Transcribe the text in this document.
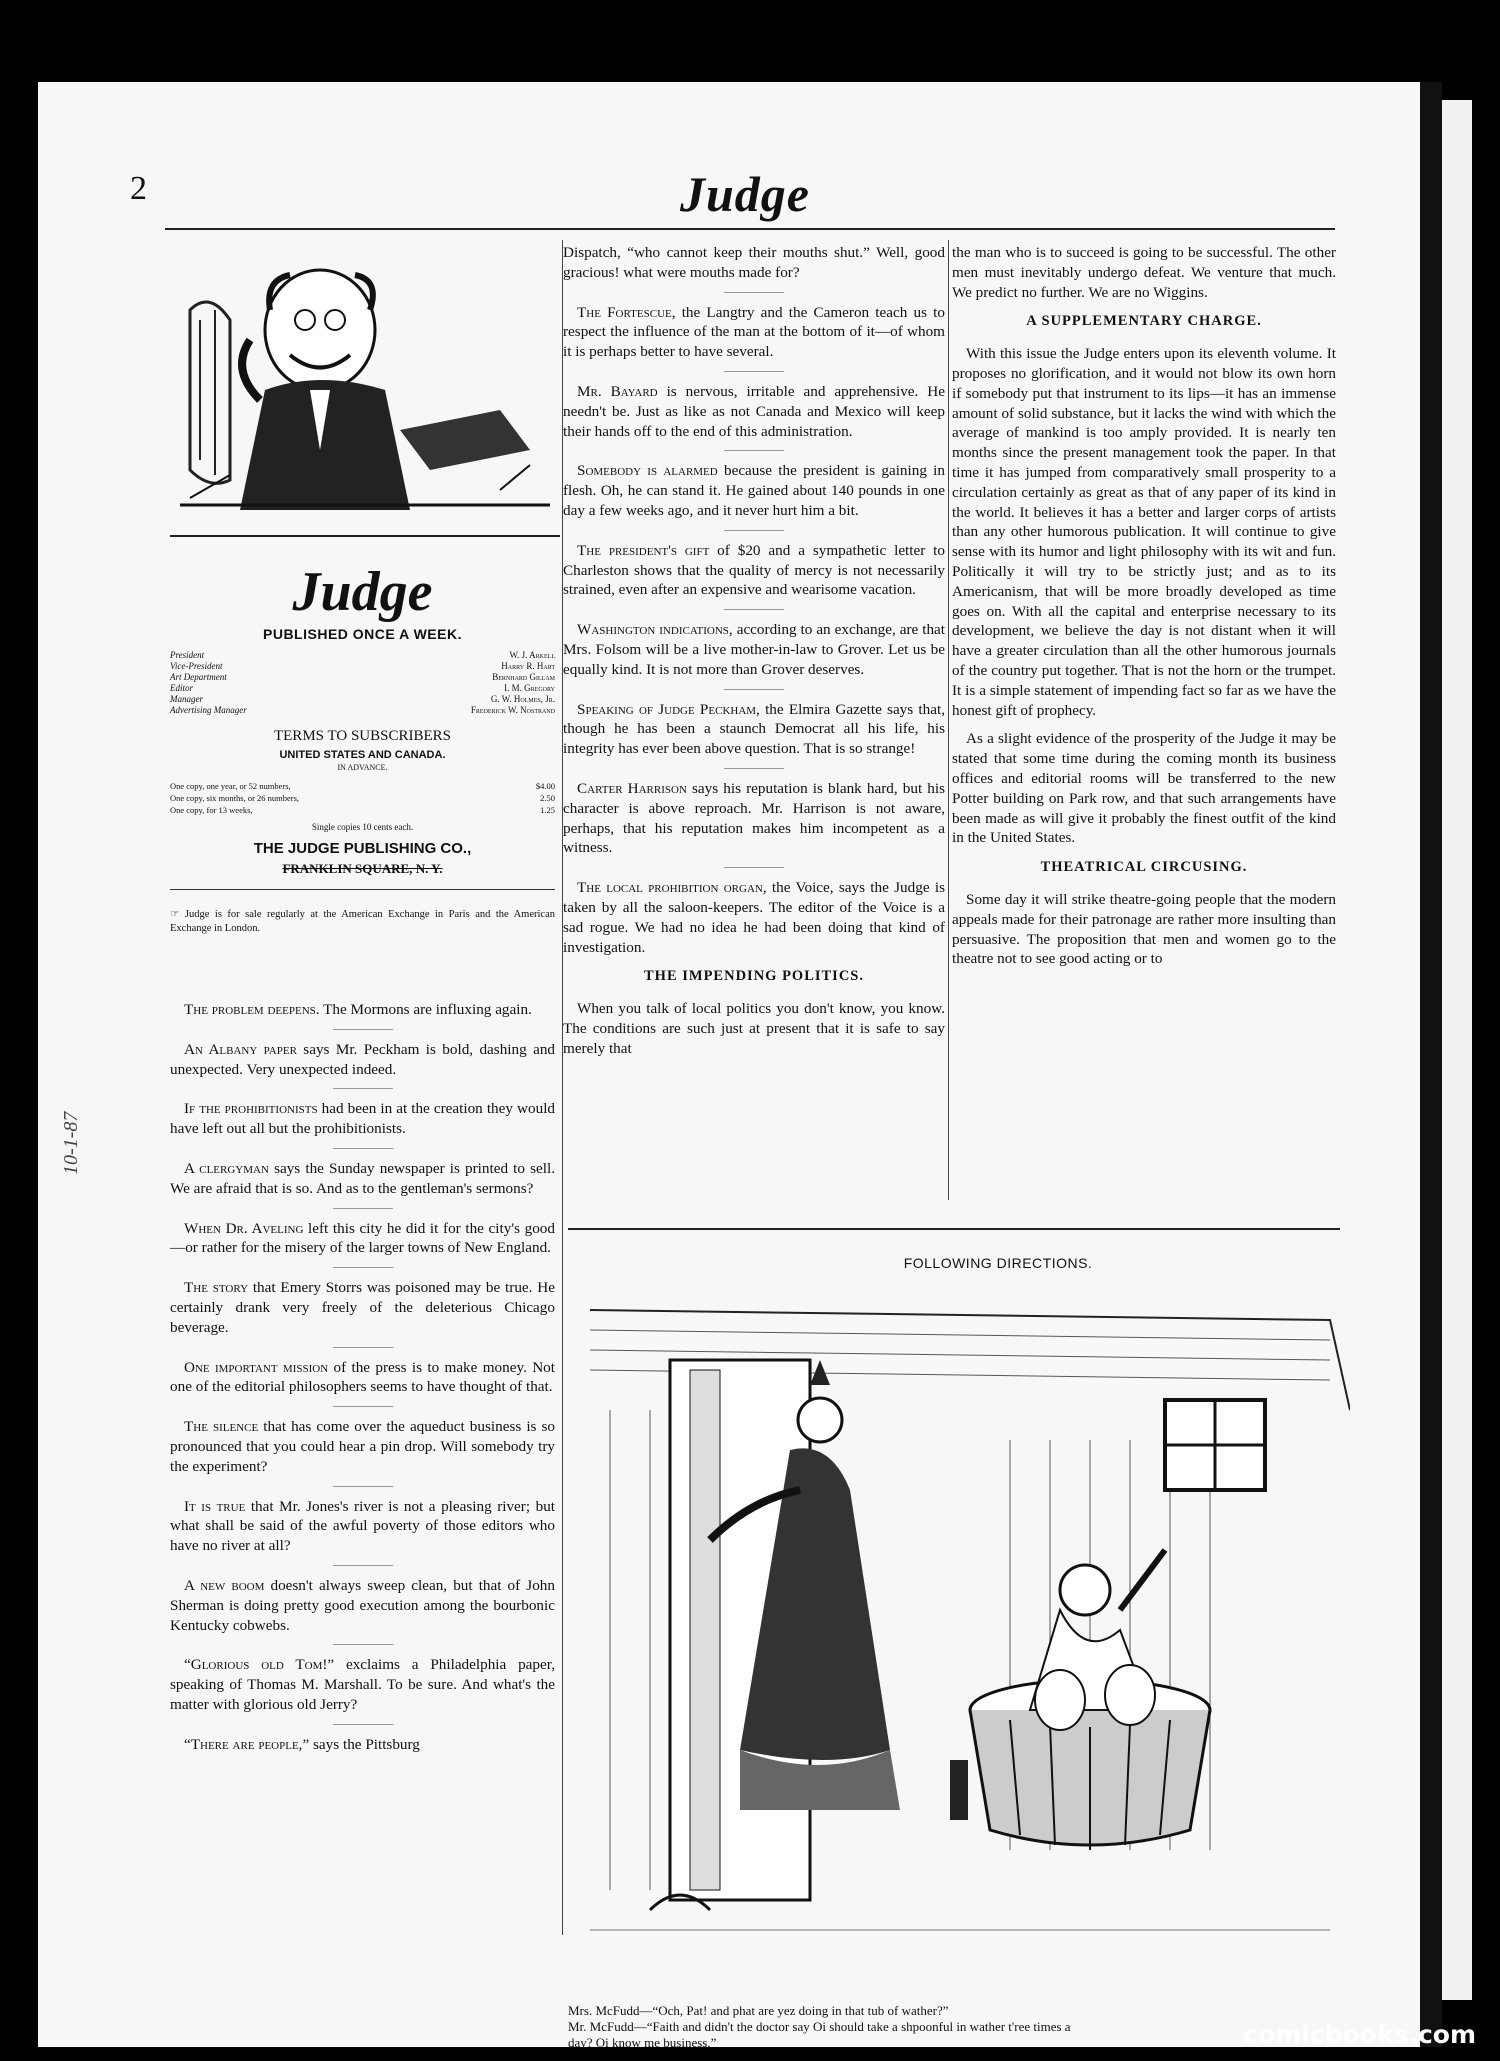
2	Judge
Judge
PUBLISHED ONCE A WEEK.
President	W. J. Arkell
Vice-President	Harry R. Hart
Art Department	Bernhard Gillam
Editor	I. M. Gregory
Manager	G. W. Holmes, Jr.
Advertising Manager	Frederick W. Nostrand
TERMS TO SUBSCRIBERS
UNITED STATES AND CANADA.
IN ADVANCE.
One copy, one year, or 52 numbers,	$4.00
One copy, six months, or 26 numbers,	2.50
One copy, for 13 weeks,	1.25
Single copies 10 cents each.
THE JUDGE PUBLISHING CO.,
FRANKLIN SQUARE, N. Y.
☞ Judge is for sale regularly at the American Exchange in Paris and the American Exchange in London.

The problem deepens. The Mormons are influxing again.

An Albany paper says Mr. Peckham is bold, dashing and unexpected. Very unexpected indeed.

If the prohibitionists had been in at the creation they would have left out all but the prohibitionists.

A clergyman says the Sunday newspaper is printed to sell. We are afraid that is so. And as to the gentleman's sermons?

When Dr. Aveling left this city he did it for the city's good—or rather for the misery of the larger towns of New England.

The story that Emery Storrs was poisoned may be true. He certainly drank very freely of the deleterious Chicago beverage.

One important mission of the press is to make money. Not one of the editorial philosophers seems to have thought of that.

The silence that has come over the aqueduct business is so pronounced that you could hear a pin drop. Will somebody try the experiment?

It is true that Mr. Jones's river is not a pleasing river; but what shall be said of the awful poverty of those editors who have no river at all?

A new boom doesn't always sweep clean, but that of John Sherman is doing pretty good execution among the bourbonic Kentucky cobwebs.

“Glorious old Tom!” exclaims a Philadelphia paper, speaking of Thomas M. Marshall. To be sure. And what's the matter with glorious old Jerry?

“There are people,” says the Pittsburg

Dispatch, “who cannot keep their mouths shut.” Well, good gracious! what were mouths made for?

The Fortescue, the Langtry and the Cameron teach us to respect the influence of the man at the bottom of it—of whom it is perhaps better to have several.

Mr. Bayard is nervous, irritable and apprehensive. He needn't be. Just as like as not Canada and Mexico will keep their hands off to the end of this administration.

Somebody is alarmed because the president is gaining in flesh. Oh, he can stand it. He gained about 140 pounds in one day a few weeks ago, and it never hurt him a bit.

The president's gift of $20 and a sympathetic letter to Charleston shows that the quality of mercy is not necessarily strained, even after an expensive and wearisome vacation.

Washington indications, according to an exchange, are that Mrs. Folsom will be a live mother-in-law to Grover. Let us be equally kind. It is not more than Grover deserves.

Speaking of Judge Peckham, the Elmira Gazette says that, though he has been a staunch Democrat all his life, his integrity has ever been above question. That is so strange!

Carter Harrison says his reputation is blank hard, but his character is above reproach. Mr. Harrison is not aware, perhaps, that his reputation makes him incompetent as a witness.

The local prohibition organ, the Voice, says the Judge is taken by all the saloon-keepers. The editor of the Voice is a sad rogue. We had no idea he had been doing that kind of investigation.

THE IMPENDING POLITICS.

When you talk of local politics you don't know, you know. The conditions are such just at present that it is safe to say merely that

the man who is to succeed is going to be successful. The other men must inevitably undergo defeat. We venture that much. We predict no further. We are no Wiggins.

A SUPPLEMENTARY CHARGE.

With this issue the Judge enters upon its eleventh volume. It proposes no glorification, and it would not blow its own horn if somebody put that instrument to its lips—it has an immense amount of solid substance, but it lacks the wind with which the average of mankind is too amply provided. It is nearly ten months since the present management took the paper. In that time it has jumped from comparatively small prosperity to a circulation certainly as great as that of any paper of its kind in the world. It believes it has a better and larger corps of artists than any other humorous publication. It will continue to give sense with its humor and light philosophy with its wit and fun. Politically it will try to be strictly just; and as to its Americanism, that will be more broadly developed as time goes on. With all the capital and enterprise necessary to its development, we believe the day is not distant when it will have a greater circulation than all the other humorous journals of the country put together. That is not the horn or the trumpet. It is a simple statement of impending fact so far as we have the honest gift of prophecy.

As a slight evidence of the prosperity of the Judge it may be stated that some time during the coming month its business offices and editorial rooms will be transferred to the new Potter building on Park row, and that such arrangements have been made as will give it probably the finest outfit of the kind in the United States.

THEATRICAL CIRCUSING.

Some day it will strike theatre-going people that the modern appeals made for their patronage are rather more insulting than persuasive. The proposition that men and women go to the theatre not to see good acting or to

FOLLOWING DIRECTIONS.
Mrs. McFudd—“Och, Pat! and phat are yez doing in that tub of wather?”
Mr. McFudd—“Faith and didn't the doctor say Oi should take a shpoonful in wather t'ree times a
day? Oi know me business.”
10-1-87
comicbooks.com
